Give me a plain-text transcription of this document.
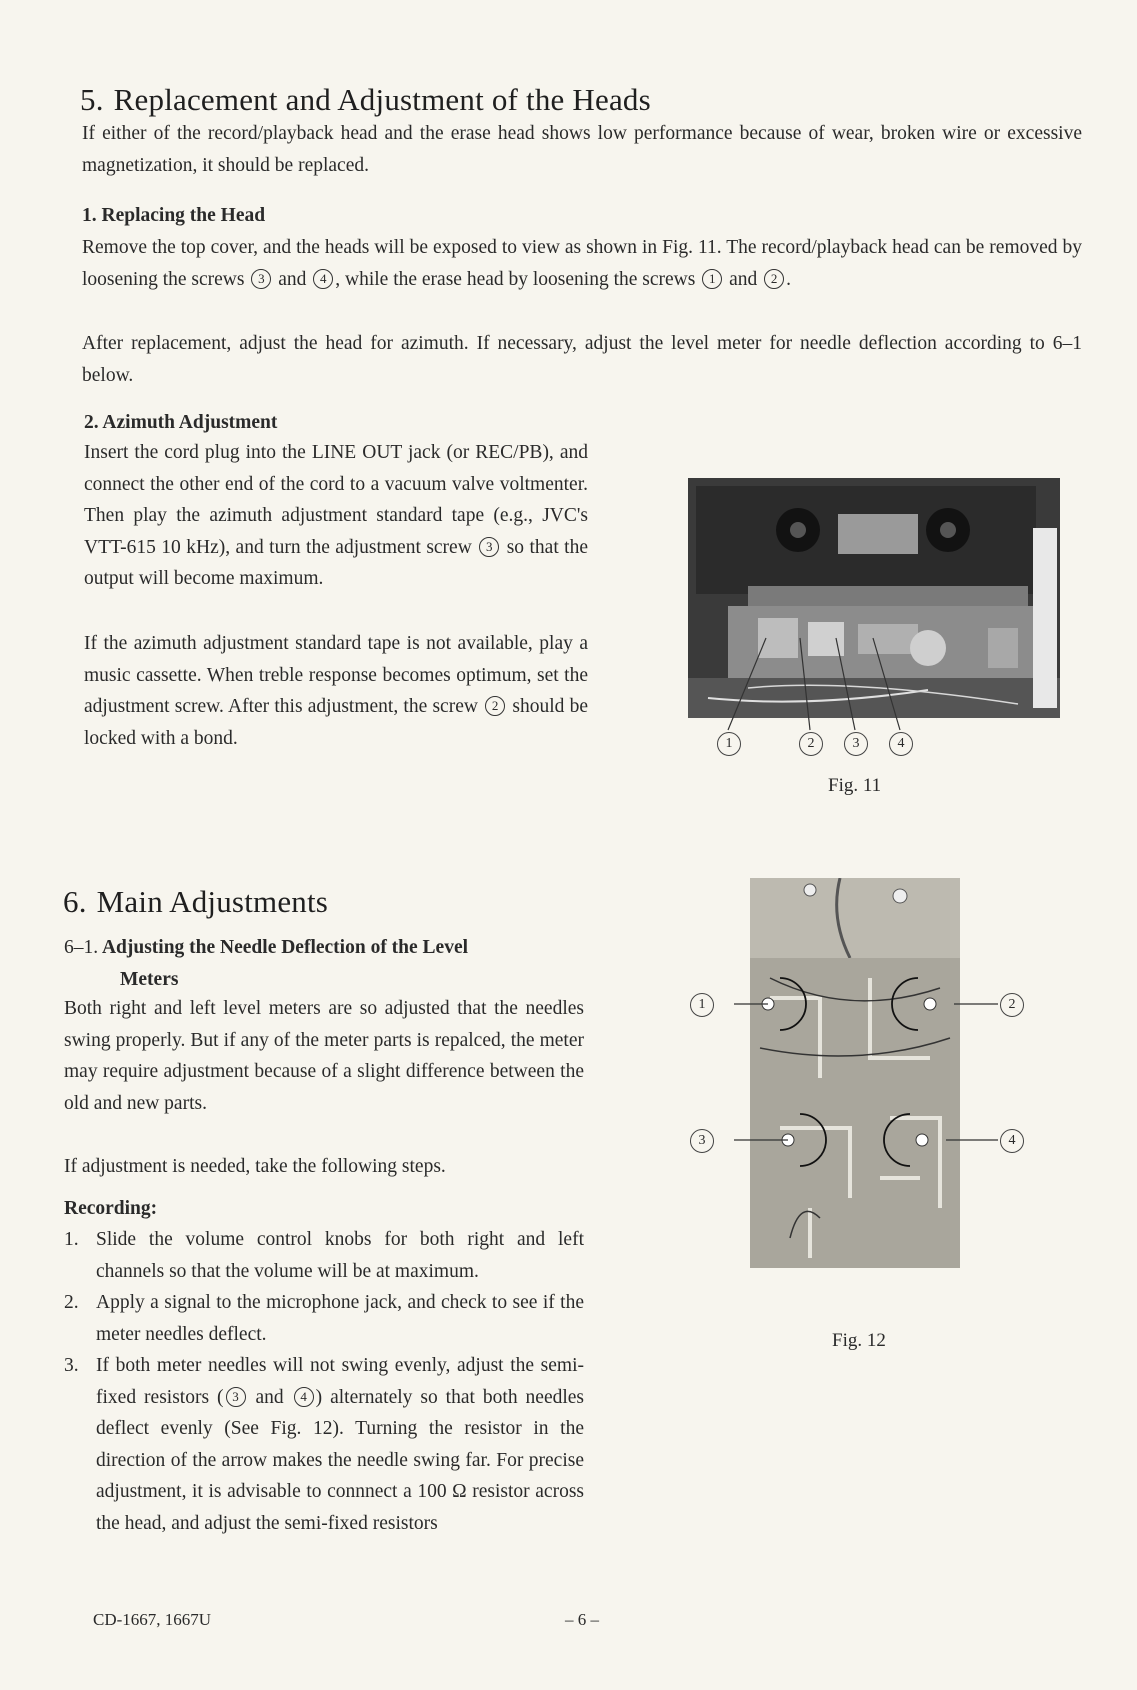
5. Replacement and Adjustment of the Heads

If either of the record/playback head and the erase head shows low performance because of wear, broken wire or excessive magnetization, it should be replaced.

1. Replacing the Head

Remove the top cover, and the heads will be exposed to view as shown in Fig. 11. The record/playback head can be removed by loosening the screws 3 and 4 , while the erase head by loosening the screws 1 and 2 .

After replacement, adjust the head for azimuth. If necessary, adjust the level meter for needle deflection according to 6–1 below.

2. Azimuth Adjustment

Insert the cord plug into the LINE OUT jack (or REC/PB), and connect the other end of the cord to a vacuum valve voltmenter. Then play the azimuth adjustment standard tape (e.g., JVC's VTT-615 10 kHz), and turn the adjustment screw 3 so that the output will become maximum.

If the azimuth adjustment standard tape is not available, play a music cassette. When treble response becomes optimum, set the adjustment screw. After this adjustment, the screw 2 should be locked with a bond.	1	2	3	4
Fig. 11
6. Main Adjustments

6–1. Adjusting the Needle Deflection of the Level

Meters

Both right and left level meters are so adjusted that the needles swing properly. But if any of the meter parts is repalced, the meter may require adjustment because of a slight difference between the old and new parts.

If adjustment is needed, take the following steps.

Recording:

1. Slide the volume control knobs for both right and left channels so that the volume will be at maximum.
2. Apply a signal to the microphone jack, and check to see if the meter needles deflect.
3. If both meter needles will not swing evenly, adjust the semi-fixed resistors ( 3 and 4 ) alternately so that both needles deflect evenly (See Fig. 12). Turning the resistor in the direction of the arrow makes the needle swing far. For precise adjustment, it is advisable to connnect a 100 Ω resistor across the head, and adjust the semi-fixed resistors
1	2
3	4
Fig. 12
CD-1667, 1667U	– 6 –
